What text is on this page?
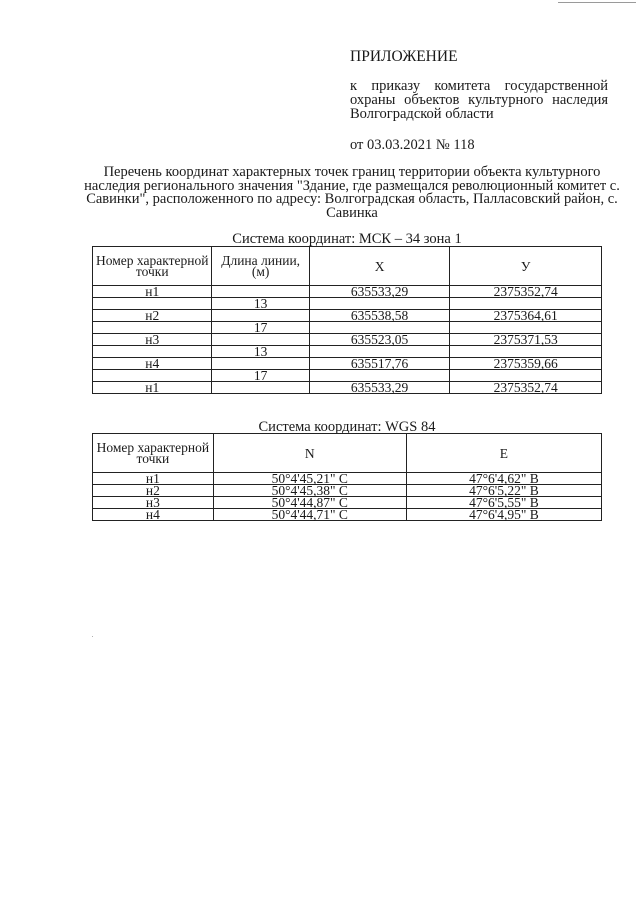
ПРИЛОЖЕНИЕ
к приказу комитета государственной охраны объектов культурного наследия Волгоградской области
от 03.03.2021 № 118
Перечень координат характерных точек границ территории объекта культурного наследия регионального значения "Здание, где размещался революционный комитет с. Савинки", расположенного по адресу: Волгоградская область, Палласовский район, с. Савинка
Система координат: МСК – 34 зона 1
Номер характерной точки	Длина линии, (м)	X	У
н1		635533,29	2375352,74
	13		
н2		635538,58	2375364,61
	17		
н3		635523,05	2375371,53
	13		
н4		635517,76	2375359,66
	17		
н1		635533,29	2375352,74
Система координат: WGS 84
Номер характерной точки	N	E
н1	50°4'45,21" С	47°6'4,62" В
н2	50°4'45,38" С	47°6'5,22" В
н3	50°4'44,87" С	47°6'5,55" В
н4	50°4'44,71" С	47°6'4,95" В
